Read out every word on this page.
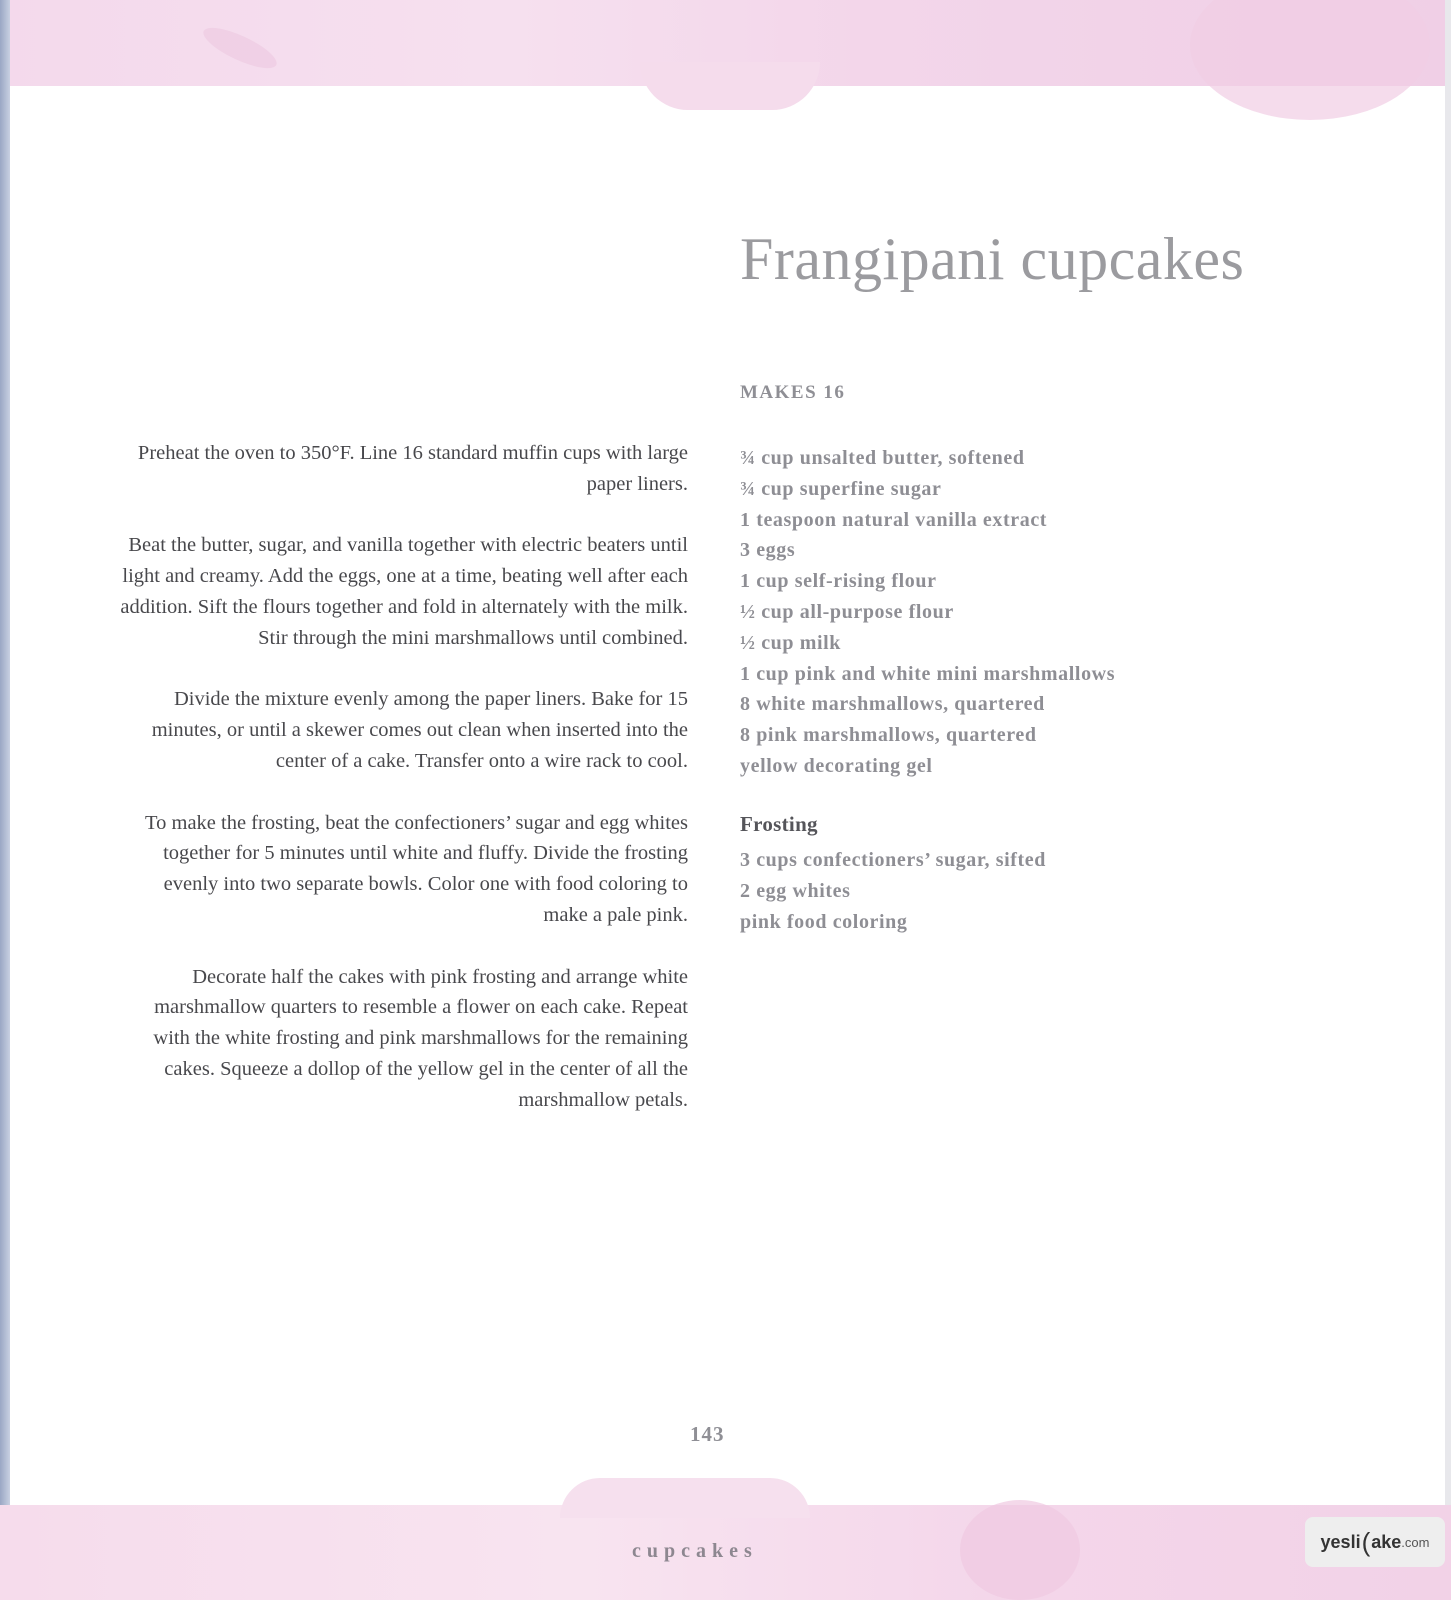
Frangipani cupcakes
MAKES 16
¾ cup unsalted butter, softened
¾ cup superfine sugar
1 teaspoon natural vanilla extract
3 eggs
1 cup self-rising flour
½ cup all-purpose flour
½ cup milk
1 cup pink and white mini marshmallows
8 white marshmallows, quartered
8 pink marshmallows, quartered
yellow decorating gel
Frosting
3 cups confectioners’ sugar, sifted
2 egg whites
pink food coloring

Preheat the oven to 350°F. Line 16 standard muffin cups with large paper liners.

Beat the butter, sugar, and vanilla together with electric beaters until light and creamy. Add the eggs, one at a time, beating well after each addition. Sift the flours together and fold in alternately with the milk. Stir through the mini marshmallows until combined.

Divide the mixture evenly among the paper liners. Bake for 15 minutes, or until a skewer comes out clean when inserted into the center of a cake. Transfer onto a wire rack to cool.

To make the frosting, beat the confectioners’ sugar and egg whites together for 5 minutes until white and fluffy. Divide the frosting evenly into two separate bowls. Color one with food coloring to make a pale pink.

Decorate half the cakes with pink frosting and arrange white marshmallow quarters to resemble a flower on each cake. Repeat with the white frosting and pink marshmallows for the remaining cakes. Squeeze a dollop of the yellow gel in the center of all the marshmallow petals.

143
cupcakes	yesli ( ake .com
